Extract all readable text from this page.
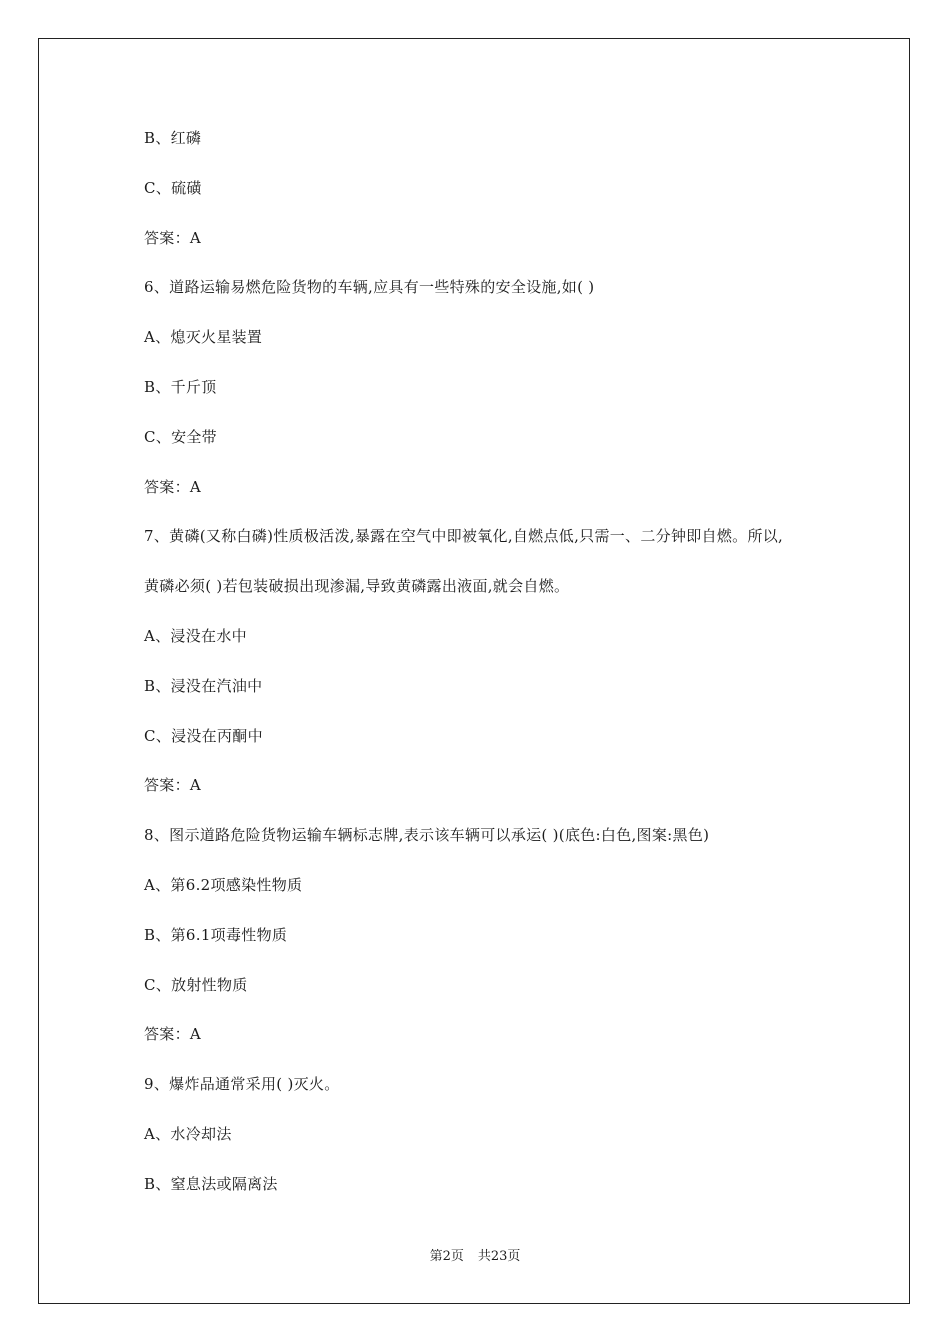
B、红磷
C、硫磺
答案：A
6、道路运输易燃危险货物的车辆,应具有一些特殊的安全设施,如( )
A、熄灭火星装置
B、千斤顶
C、安全带
答案：A
7、黄磷(又称白磷)性质极活泼,暴露在空气中即被氧化,自燃点低,只需一、二分钟即自燃。所以,
黄磷必须( )若包装破损出现渗漏,导致黄磷露出液面,就会自燃。
A、浸没在水中
B、浸没在汽油中
C、浸没在丙酮中
答案：A
8、图示道路危险货物运输车辆标志牌,表示该车辆可以承运( )(底色:白色,图案:黑色)
A、第6.2项感染性物质
B、第6.1项毒性物质
C、放射性物质
答案：A
9、爆炸品通常采用( )灭火。
A、水冷却法
B、窒息法或隔离法
第2页 共23页
